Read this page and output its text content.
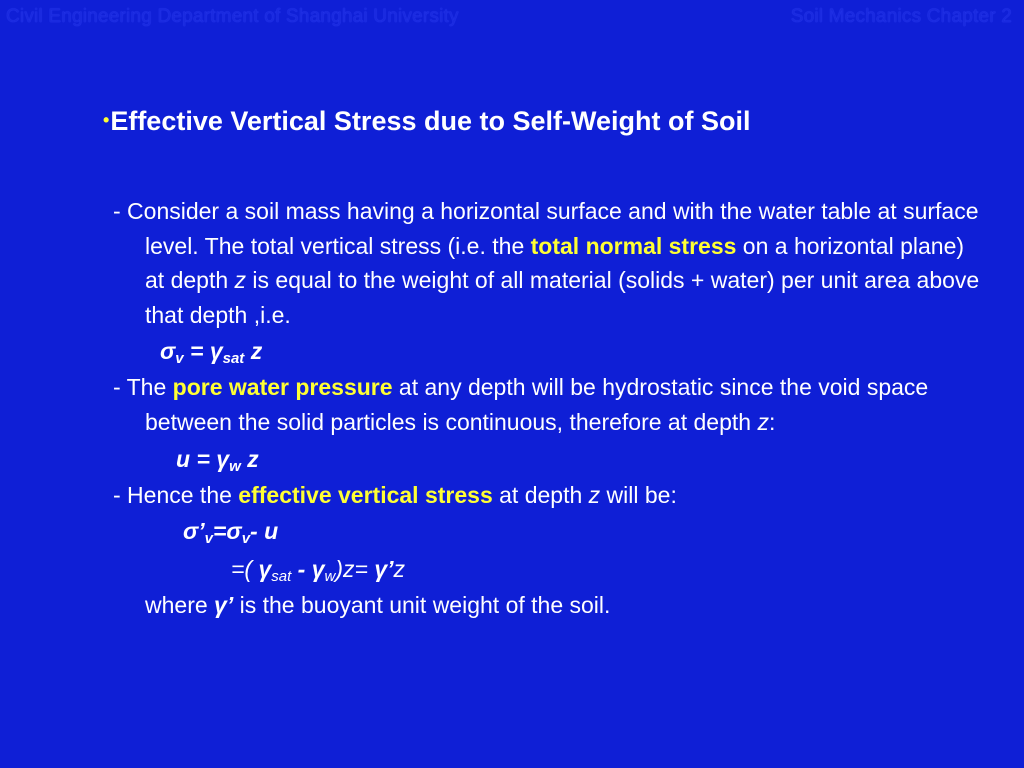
Civil Engineering Department of Shanghai University	Soil Mechanics Chapter 2
•Effective Vertical Stress due to Self-Weight of Soil
- Consider a soil mass having a horizontal surface and with the water table at surface level. The total vertical stress (i.e. the total normal stress on a horizontal plane) at depth z is equal to the weight of all material (solids + water) per unit area above that depth ,i.e.
$\sigma_v = \gamma_{sat}$ z
- The pore water pressure at any depth will be hydrostatic since the void space between the solid particles is continuous, therefore at depth z:
$u = \gamma_w$ z
- Hence the effective vertical stress at depth z will be:
$\sigma’_v=\sigma_v-$ u
=( $\gamma_{sat} - \gamma_w)z=$ γ’z
where γ’ is the buoyant unit weight of the soil.
